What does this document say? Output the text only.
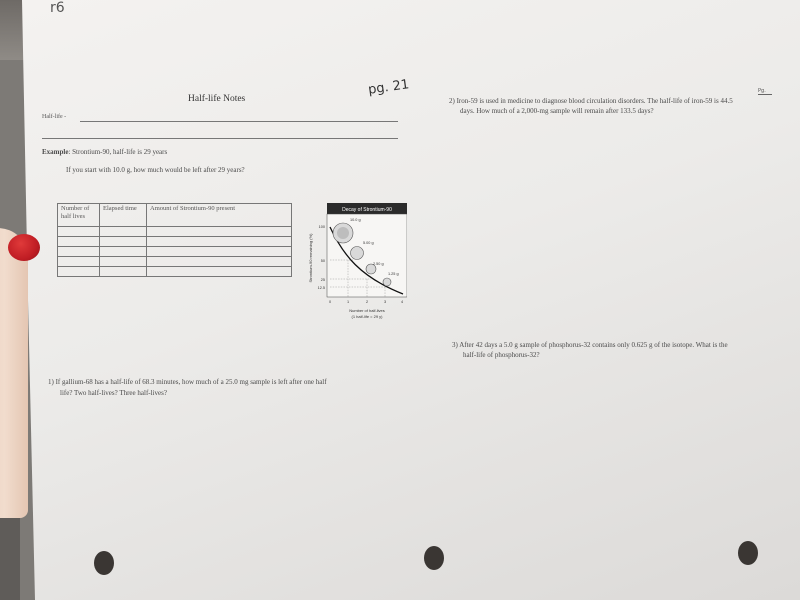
r6
Half-life Notes
pg. 21	Pg.
Half-life -
Example: Strontium-90, half-life is 29 years
If you start with 10.0 g, how much would be left after 29 years?
Number of half lives	Elapsed time	Amount of Strontium-90 present

			Decay of Strontium-90
10.0 g
5.00 g
2.50 g
1.25 g
100
50
25
12.5
0	1	2	3	4
Number of half-lives
(1 half-life = 29 y)
Strontium-90 remaining (%)
2) Iron-59 is used in medicine to diagnose blood circulation disorders. The half-life of iron-59 is 44.5
days. How much of a 2,000-mg sample will remain after 133.5 days?
3) After 42 days a 5.0 g sample of phosphorus-32 contains only 0.625 g of the isotope. What is the
half-life of phosphorus-32?
1) If gallium-68 has a half-life of 68.3 minutes, how much of a 25.0 mg sample is left after one half
life? Two half-lives? Three half-lives?
